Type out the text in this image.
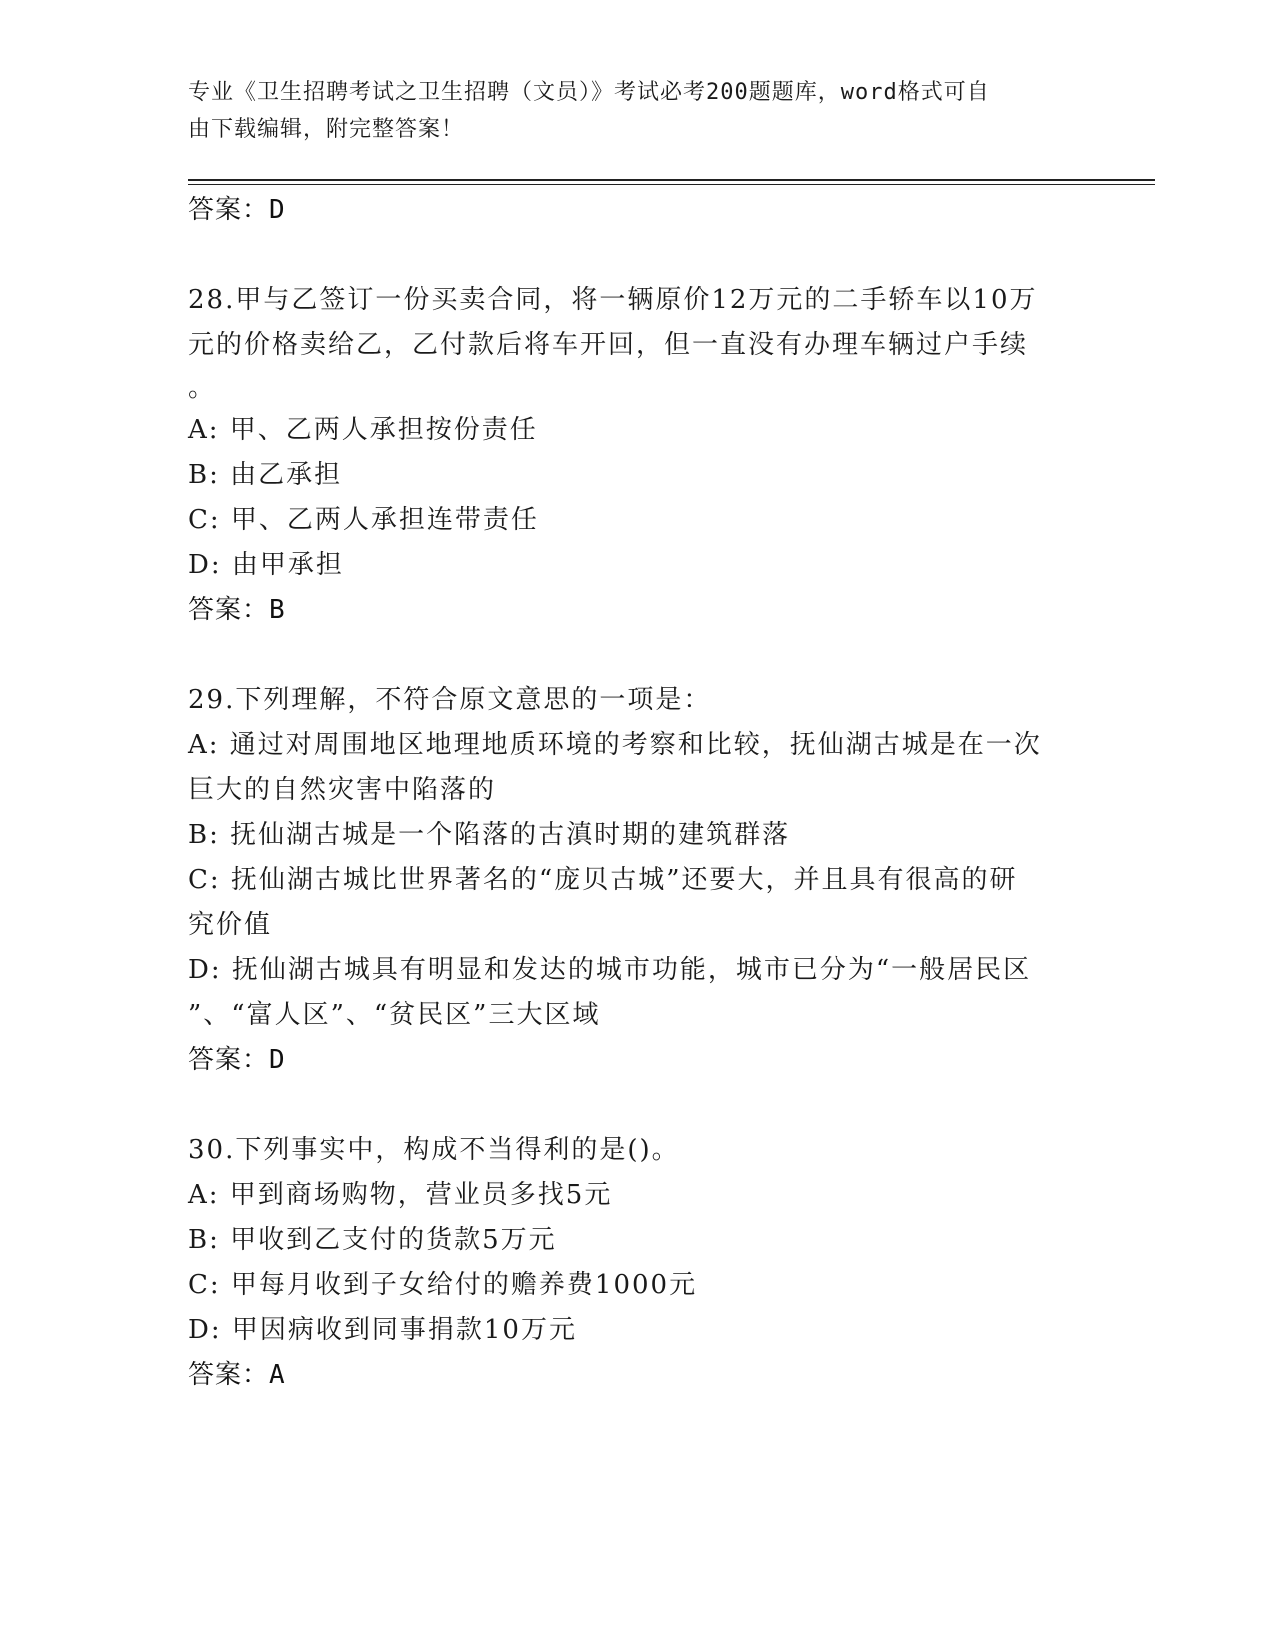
专业《卫生招聘考试之卫生招聘（文员）》考试必考200题题库，word格式可自
由下载编辑，附完整答案！
答案：D
28.甲与乙签订一份买卖合同，将一辆原价12万元的二手轿车以10万
元的价格卖给乙，乙付款后将车开回，但一直没有办理车辆过户手续
。
A: 甲、乙两人承担按份责任
B: 由乙承担
C: 甲、乙两人承担连带责任
D: 由甲承担
答案：B
29.下列理解，不符合原文意思的一项是：
A: 通过对周围地区地理地质环境的考察和比较，抚仙湖古城是在一次
巨大的自然灾害中陷落的
B: 抚仙湖古城是一个陷落的古滇时期的建筑群落
C: 抚仙湖古城比世界著名的“庞贝古城”还要大，并且具有很高的研
究价值
D: 抚仙湖古城具有明显和发达的城市功能，城市已分为“一般居民区
”、“富人区”、“贫民区”三大区域
答案：D
30.下列事实中，构成不当得利的是()。
A: 甲到商场购物，营业员多找5元
B: 甲收到乙支付的货款5万元
C: 甲每月收到子女给付的赡养费1000元
D: 甲因病收到同事捐款10万元
答案：A
